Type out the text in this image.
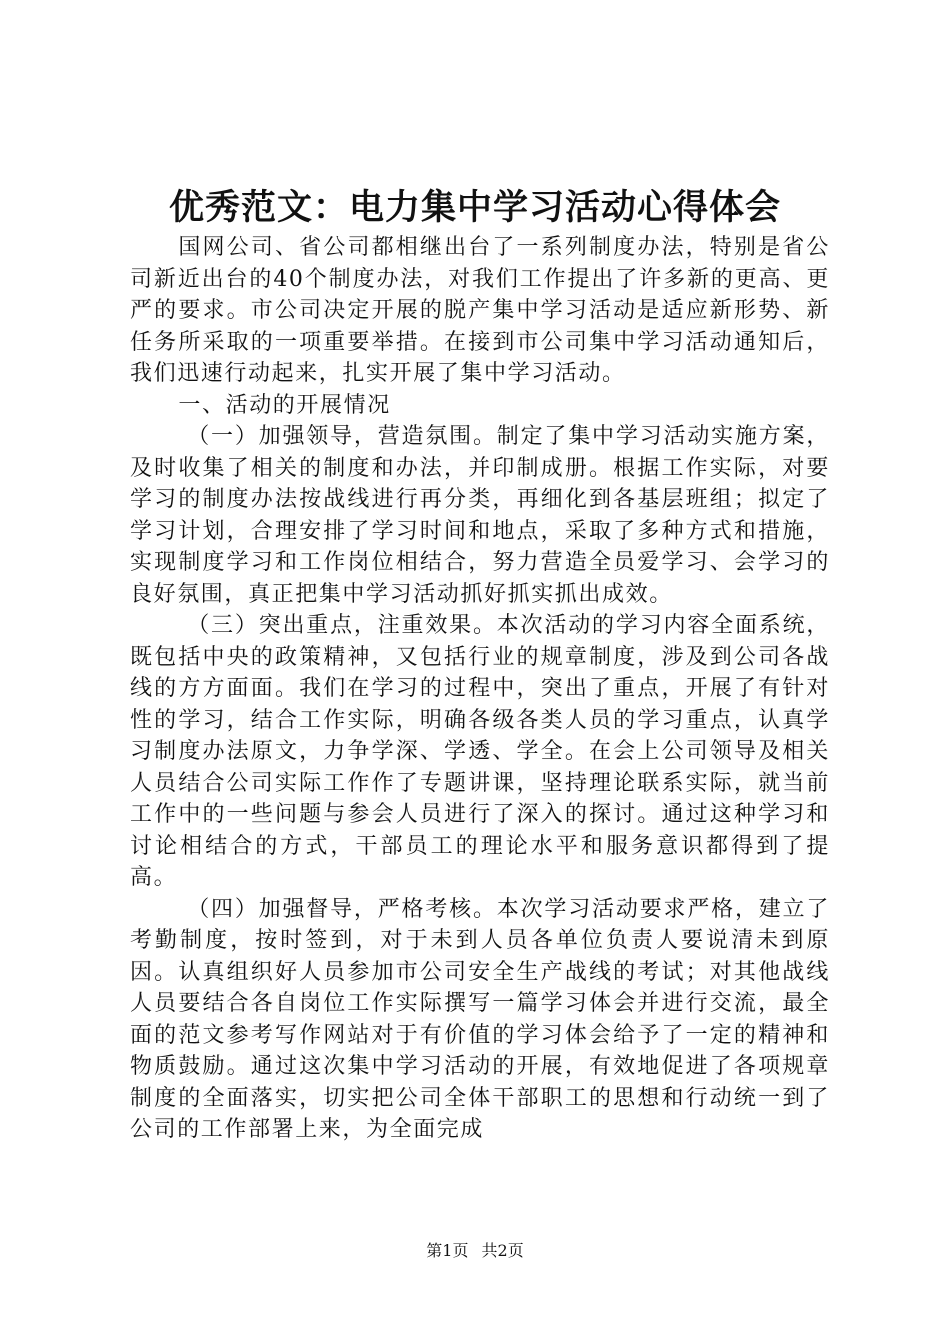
优秀范文：电力集中学习活动心得体会

国网公司、省公司都相继出台了一系列制度办法，特别是省公司新近出台的40个制度办法，对我们工作提出了许多新的更高、更严的要求。市公司决定开展的脱产集中学习活动是适应新形势、新任务所采取的一项重要举措。在接到市公司集中学习活动通知后，我们迅速行动起来，扎实开展了集中学习活动。

一、活动的开展情况

（一）加强领导，营造氛围。制定了集中学习活动实施方案，及时收集了相关的制度和办法，并印制成册。根据工作实际，对要学习的制度办法按战线进行再分类，再细化到各基层班组；拟定了学习计划，合理安排了学习时间和地点，采取了多种方式和措施，实现制度学习和工作岗位相结合，努力营造全员爱学习、会学习的良好氛围，真正把集中学习活动抓好抓实抓出成效。

（三）突出重点，注重效果。本次活动的学习内容全面系统，既包括中央的政策精神，又包括行业的规章制度，涉及到公司各战线的方方面面。我们在学习的过程中，突出了重点，开展了有针对性的学习，结合工作实际，明确各级各类人员的学习重点，认真学习制度办法原文，力争学深、学透、学全。在会上公司领导及相关人员结合公司实际工作作了专题讲课，坚持理论联系实际，就当前工作中的一些问题与参会人员进行了深入的探讨。通过这种学习和讨论相结合的方式，干部员工的理论水平和服务意识都得到了提高。

（四）加强督导，严格考核。本次学习活动要求严格，建立了考勤制度，按时签到，对于未到人员各单位负责人要说清未到原因。认真组织好人员参加市公司安全生产战线的考试；对其他战线人员要结合各自岗位工作实际撰写一篇学习体会并进行交流，最全面的范文参考写作网站对于有价值的学习体会给予了一定的精神和物质鼓励。通过这次集中学习活动的开展，有效地促进了各项规章制度的全面落实，切实把公司全体干部职工的思想和行动统一到了公司的工作部署上来，为全面完成

第1页 共2页
